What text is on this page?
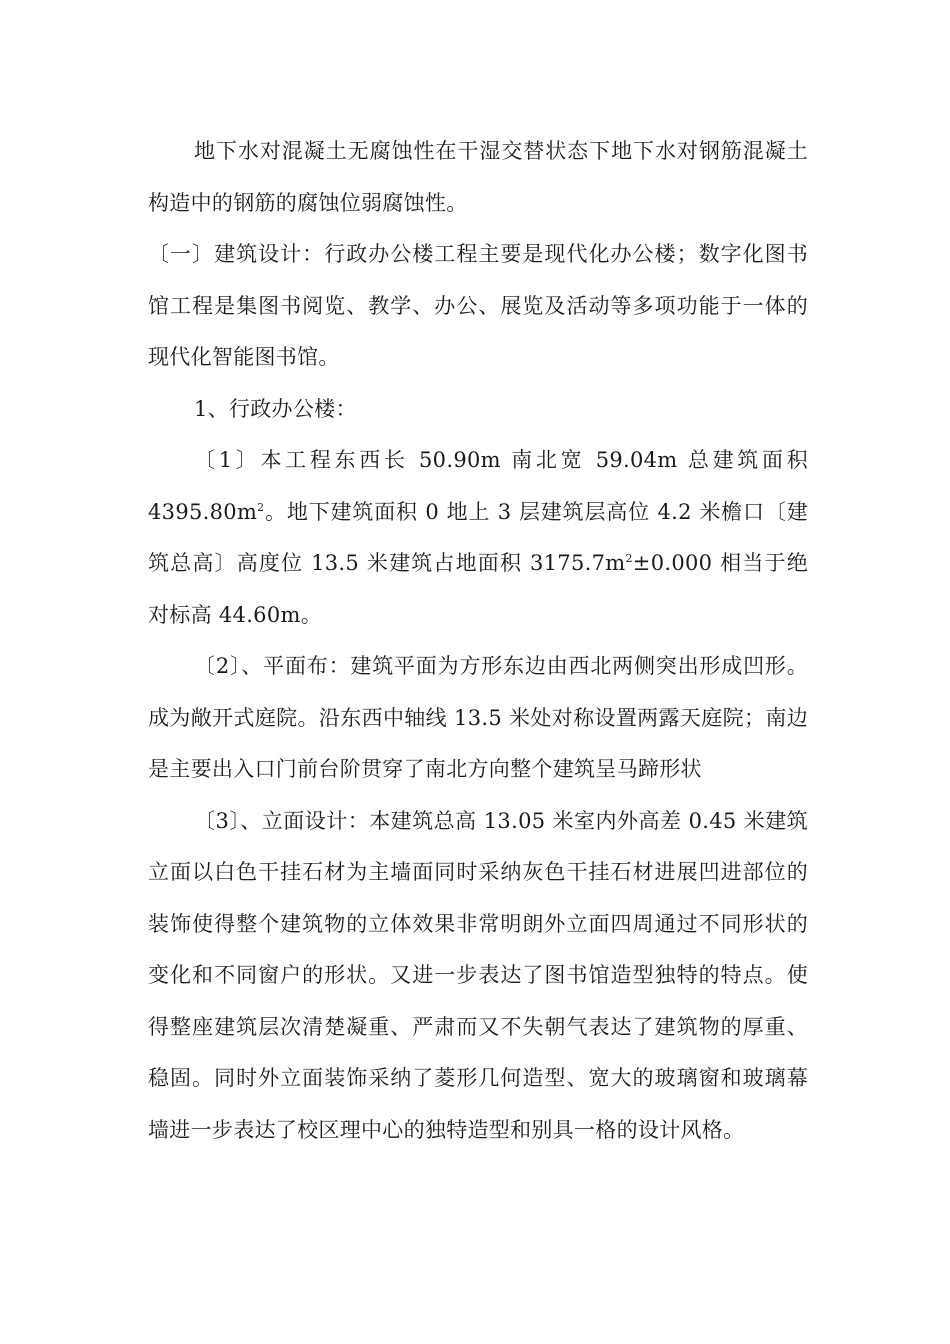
地下水对混凝土无腐蚀性在干湿交替状态下地下水对钢筋混凝土构造中的钢筋的腐蚀位弱腐蚀性。

〔一〕建筑设计：行政办公楼工程主要是现代化办公楼；数字化图书馆工程是集图书阅览、教学、办公、展览及活动等多项功能于一体的现代化智能图书馆。

1、行政办公楼：

〔1〕本工程东西长 50.90m 南北宽 59.04m 总建筑面积 $4395.80m^2$。地下建筑面积 0 地上 3 层建筑层高位 4.2 米檐口〔建筑总高〕高度位 13.5 米建筑占地面积 $3175.7m^2\pm 0.000$ 相当于绝对标高 44.60m。

〔2〕、平面布：建筑平面为方形东边由西北两侧突出形成凹形。成为敞开式庭院。沿东西中轴线 13.5 米处对称设置两露天庭院；南边是主要出入口门前台阶贯穿了南北方向整个建筑呈马蹄形状

〔3〕、立面设计：本建筑总高 13.05 米室内外高差 0.45 米建筑立面以白色干挂石材为主墙面同时采纳灰色干挂石材进展凹进部位的装饰使得整个建筑物的立体效果非常明朗外立面四周通过不同形状的变化和不同窗户的形状。又进一步表达了图书馆造型独特的特点。使得整座建筑层次清楚凝重、严肃而又不失朝气表达了建筑物的厚重、稳固。同时外立面装饰采纳了菱形几何造型、宽大的玻璃窗和玻璃幕墙进一步表达了校区理中心的独特造型和别具一格的设计风格。
